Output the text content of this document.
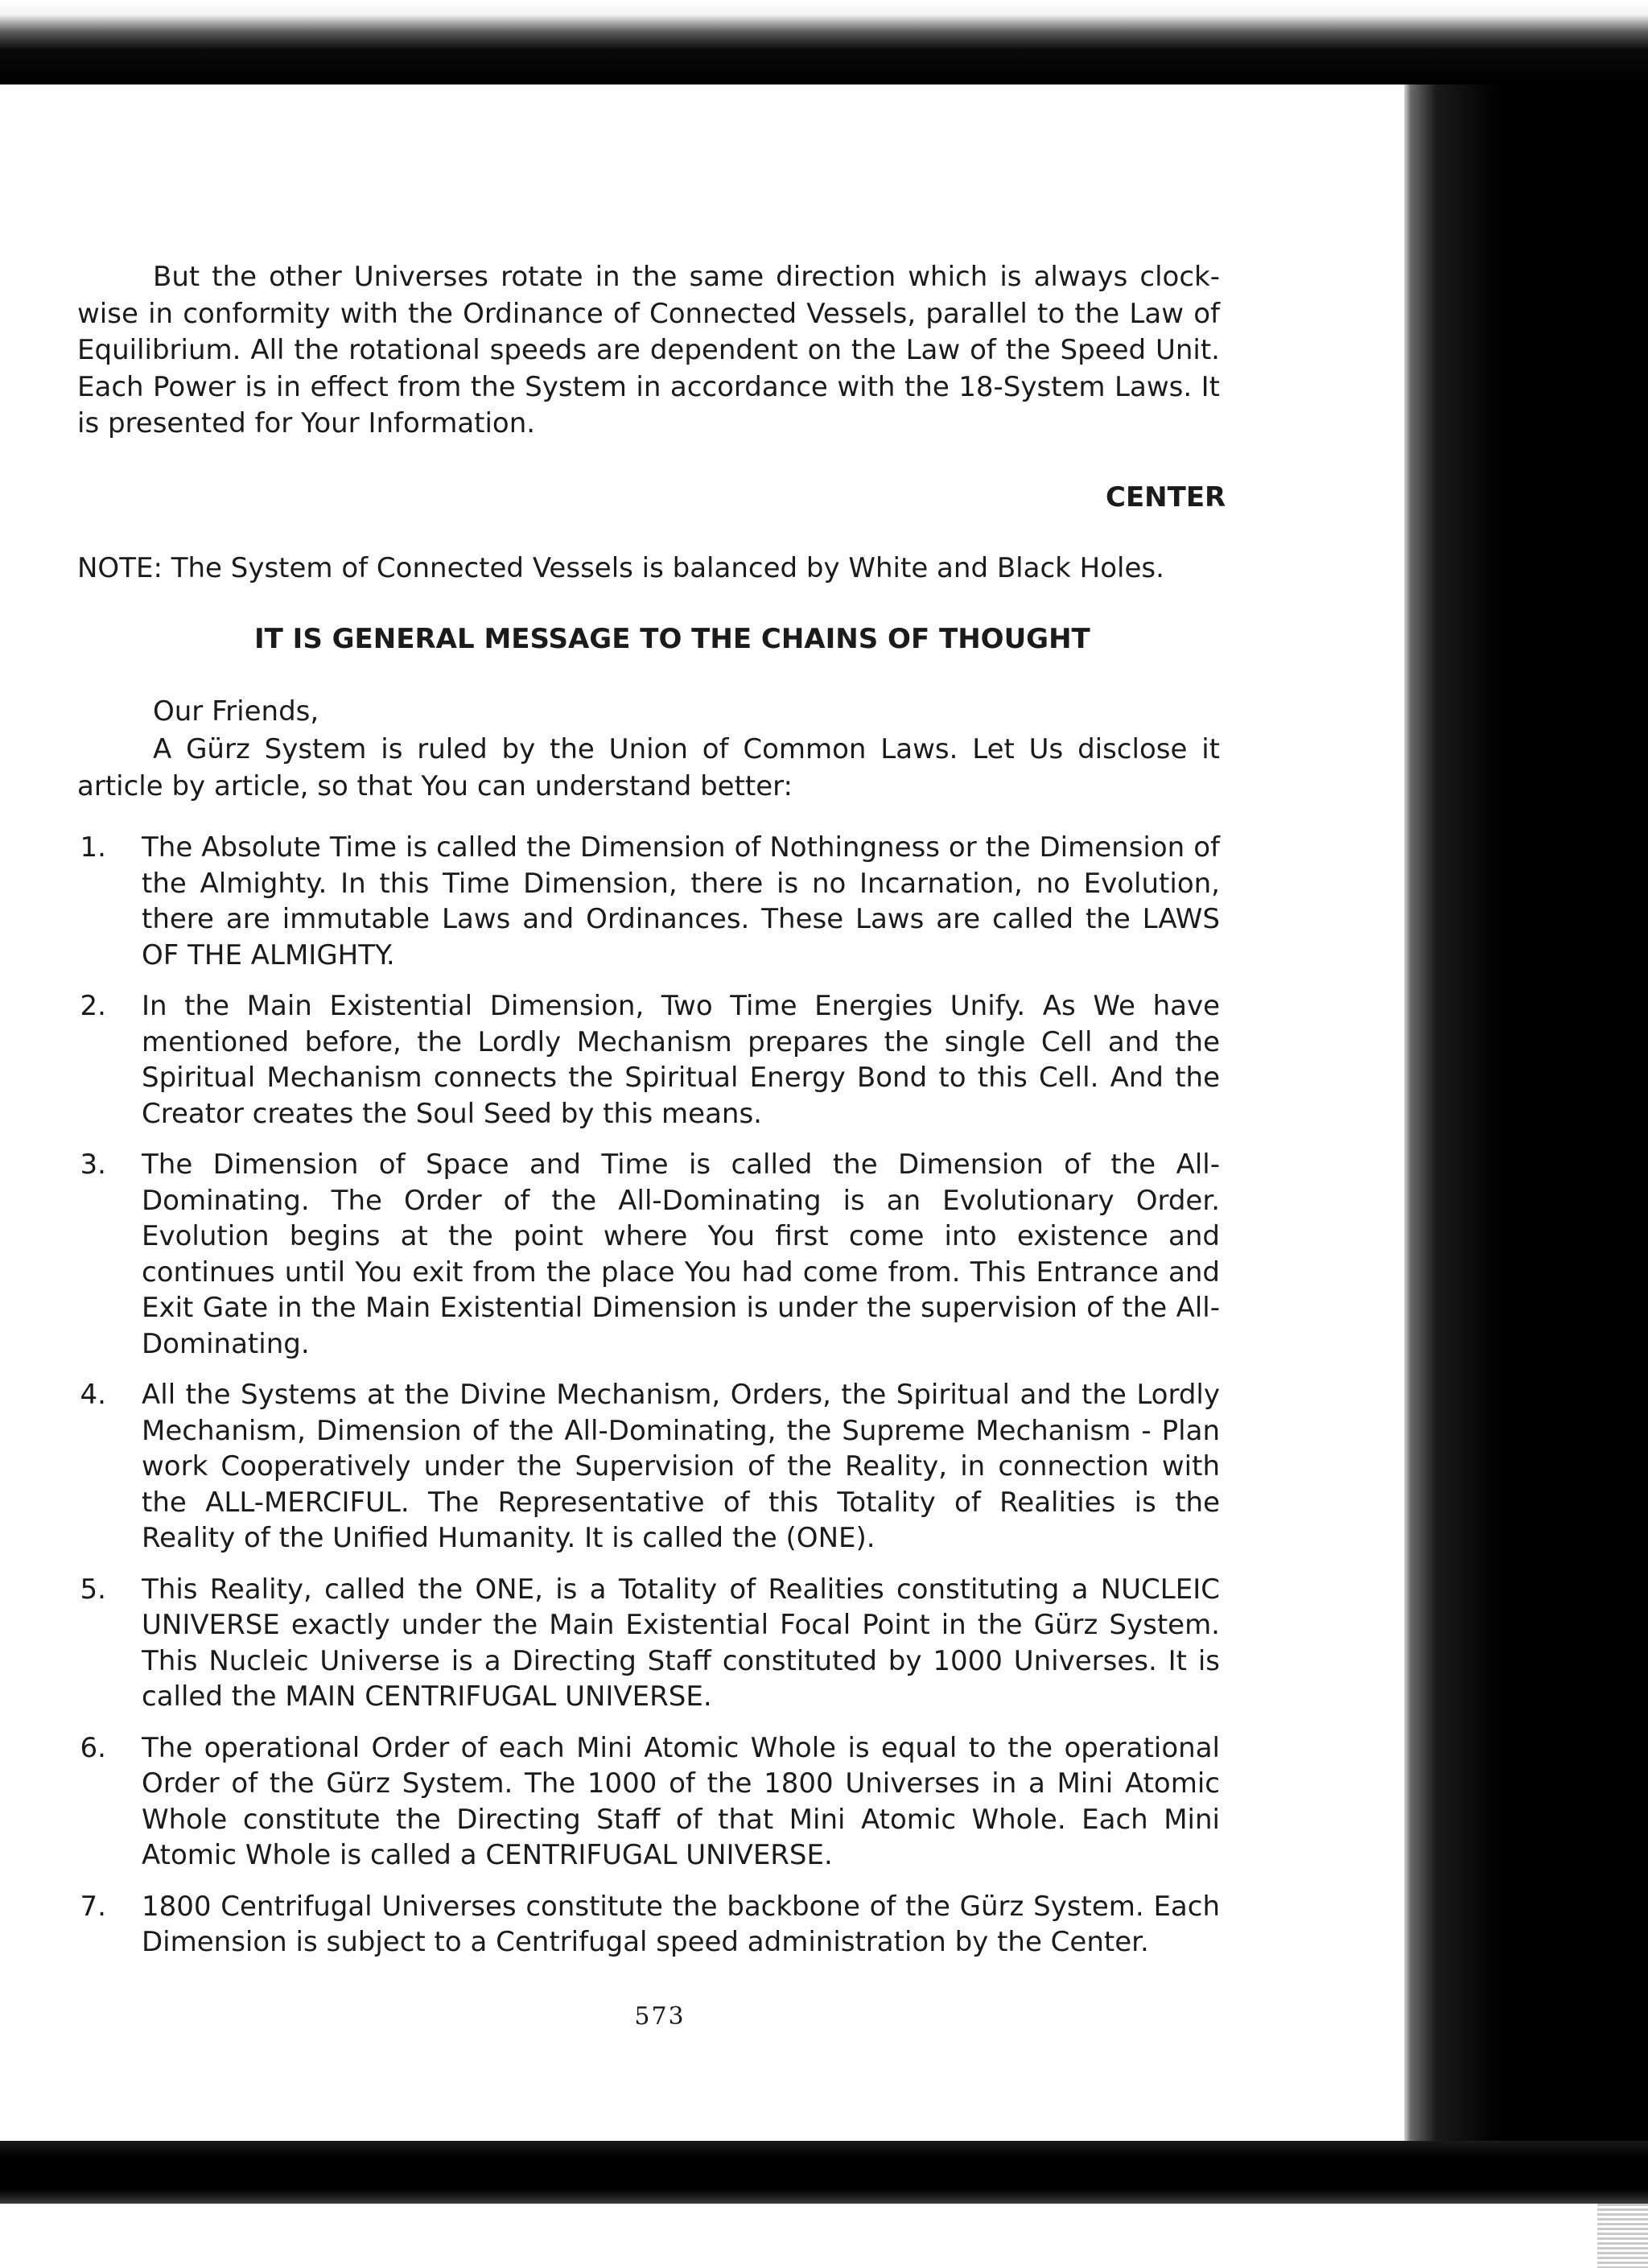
But the other Universes rotate in the same direction which is always clock-wise in conformity with the Ordinance of Connected Vessels, parallel to the Law of Equilibrium. All the rotational speeds are dependent on the Law of the Speed Unit. Each Power is in effect from the System in accordance with the 18-System Laws. It is presented for Your Information.

CENTER
NOTE: The System of Connected Vessels is balanced by White and Black Holes.
IT IS GENERAL MESSAGE TO THE CHAINS OF THOUGHT
Our Friends,

A Gürz System is ruled by the Union of Common Laws. Let Us disclose it article by article, so that You can understand better:

1. The Absolute Time is called the Dimension of Nothingness or the Dimension of the Almighty. In this Time Dimension, there is no Incarnation, no Evolution, there are immutable Laws and Ordinances. These Laws are called the LAWS OF THE ALMIGHTY.
2. In the Main Existential Dimension, Two Time Energies Unify. As We have mentioned before, the Lordly Mechanism prepares the single Cell and the Spiritual Mechanism connects the Spiritual Energy Bond to this Cell. And the Creator creates the Soul Seed by this means.
3. The Dimension of Space and Time is called the Dimension of the All-Dominating. The Order of the All-Dominating is an Evolutionary Order. Evolution begins at the point where You first come into existence and continues until You exit from the place You had come from. This Entrance and Exit Gate in the Main Existential Dimension is under the supervision of the All-Dominating.
4. All the Systems at the Divine Mechanism, Orders, the Spiritual and the Lordly Mechanism, Dimension of the All-Dominating, the Supreme Mechanism - Plan work Cooperatively under the Supervision of the Reality, in connection with the ALL-MERCIFUL. The Representative of this Totality of Realities is the Reality of the Unified Humanity. It is called the (ONE).
5. This Reality, called the ONE, is a Totality of Realities constituting a NUCLEIC UNIVERSE exactly under the Main Existential Focal Point in the Gürz System. This Nucleic Universe is a Directing Staff constituted by 1000 Universes. It is called the MAIN CENTRIFUGAL UNIVERSE.
6. The operational Order of each Mini Atomic Whole is equal to the operational Order of the Gürz System. The 1000 of the 1800 Universes in a Mini Atomic Whole constitute the Directing Staff of that Mini Atomic Whole. Each Mini Atomic Whole is called a CENTRIFUGAL UNIVERSE.
7. 1800 Centrifugal Universes constitute the backbone of the Gürz System. Each Dimension is subject to a Centrifugal speed administration by the Center.
573
